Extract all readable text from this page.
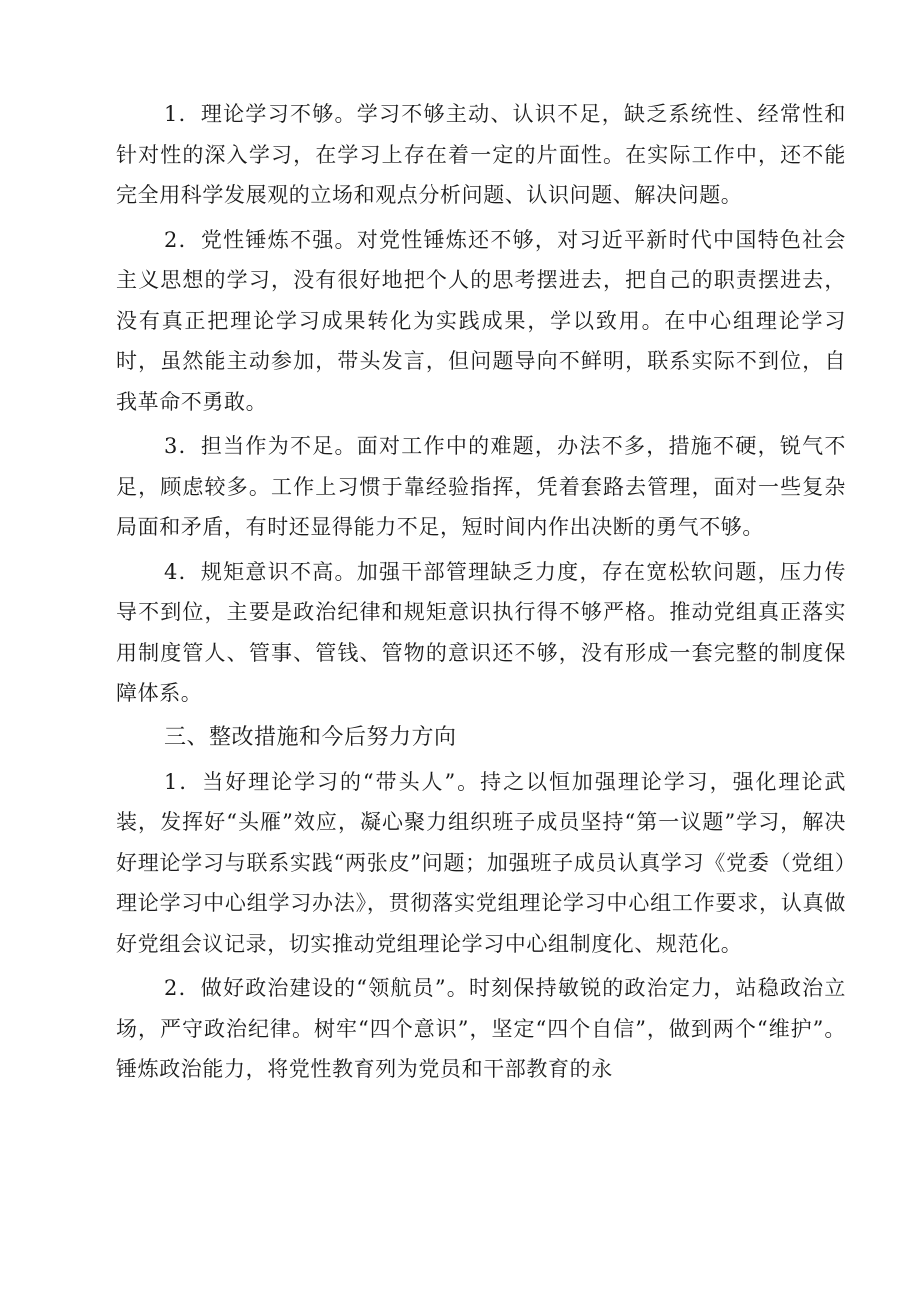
1．理论学习不够。学习不够主动、认识不足，缺乏系统性、经常性和针对性的深入学习，在学习上存在着一定的片面性。在实际工作中，还不能完全用科学发展观的立场和观点分析问题、认识问题、解决问题。

2．党性锤炼不强。对党性锤炼还不够，对习近平新时代中国特色社会主义思想的学习，没有很好地把个人的思考摆进去，把自己的职责摆进去，没有真正把理论学习成果转化为实践成果，学以致用。在中心组理论学习时，虽然能主动参加，带头发言，但问题导向不鲜明，联系实际不到位，自我革命不勇敢。

3．担当作为不足。面对工作中的难题，办法不多，措施不硬，锐气不足，顾虑较多。工作上习惯于靠经验指挥，凭着套路去管理，面对一些复杂局面和矛盾，有时还显得能力不足，短时间内作出决断的勇气不够。

4．规矩意识不高。加强干部管理缺乏力度，存在宽松软问题，压力传导不到位，主要是政治纪律和规矩意识执行得不够严格。推动党组真正落实用制度管人、管事、管钱、管物的意识还不够，没有形成一套完整的制度保障体系。

三、整改措施和今后努力方向

1．当好理论学习的“带头人”。持之以恒加强理论学习，强化理论武装，发挥好“头雁”效应，凝心聚力组织班子成员坚持“第一议题”学习，解决好理论学习与联系实践“两张皮”问题；加强班子成员认真学习《党委（党组）理论学习中心组学习办法》，贯彻落实党组理论学习中心组工作要求，认真做好党组会议记录，切实推动党组理论学习中心组制度化、规范化。

2．做好政治建设的“领航员”。时刻保持敏锐的政治定力，站稳政治立场，严守政治纪律。树牢“四个意识”，坚定“四个自信”，做到两个“维护”。锤炼政治能力，将党性教育列为党员和干部教育的永
